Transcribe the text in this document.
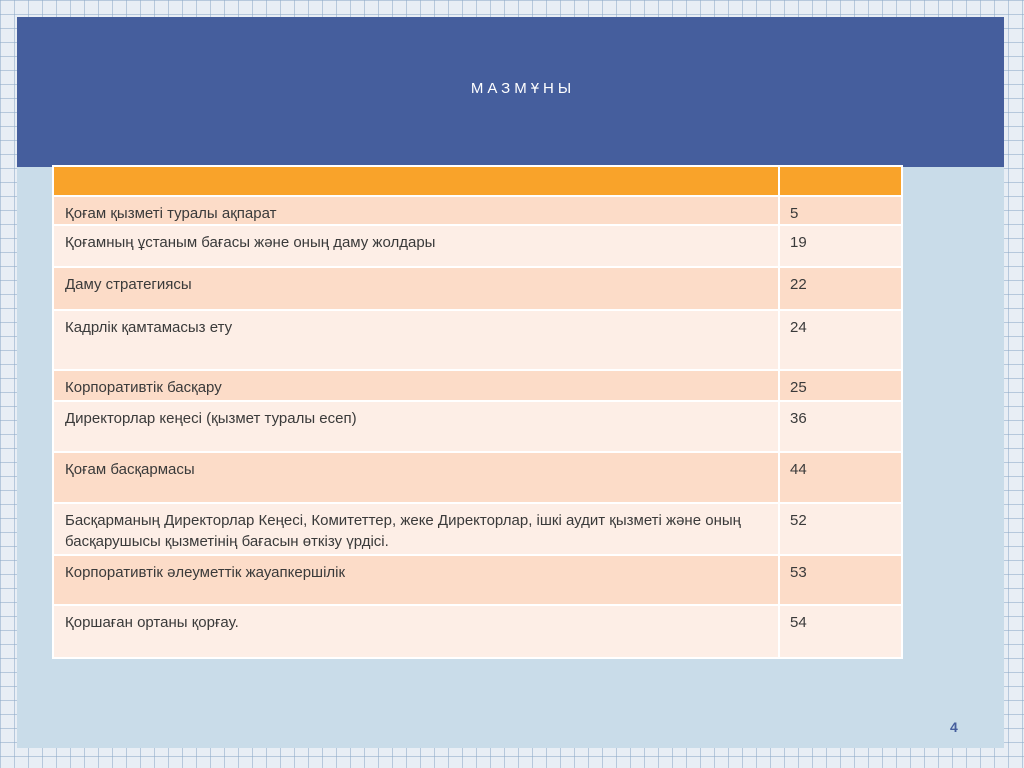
МАЗМҰНЫ

Қоғам қызметі туралы ақпарат	5
Қоғамның ұстаным бағасы және оның даму жолдары	19
Даму стратегиясы	22
Кадрлік қамтамасыз ету	24
Корпоративтік басқару	25
Директорлар кеңесі (қызмет туралы есеп)	36
Қоғам басқармасы	44
Басқарманың Директорлар Кеңесі, Комитеттер, жеке Директорлар, ішкі аудит қызметі және оның басқарушысы қызметінің бағасын өткізу үрдісі.	52
Корпоративтік әлеуметтік жауапкершілік	53
Қоршаған ортаны қорғау.	54
4
